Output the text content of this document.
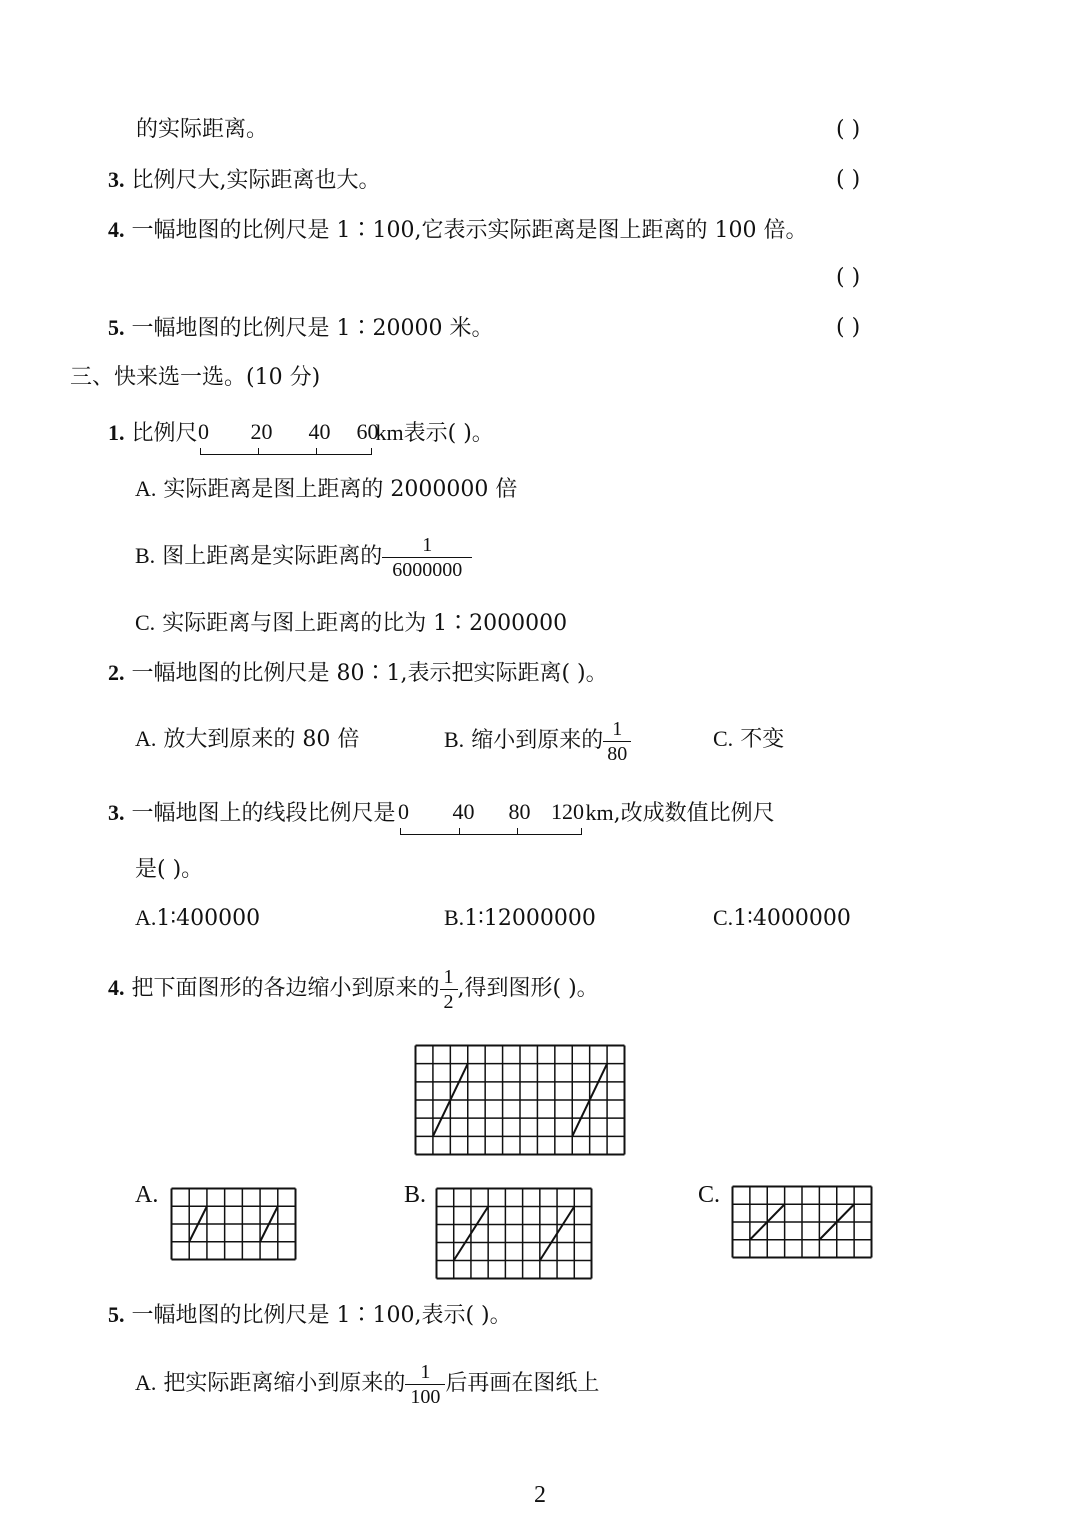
的实际距离。	( )
3. 比例尺大,实际距离也大。	( )
4. 一幅地图的比例尺是 1∶100,它表示实际距离是图上距离的 100 倍。
( )
5. 一幅地图的比例尺是 1∶20000 米。	( )
三、快来选一选。(10 分)
1. 比例尺 0 20 40 60
km表示( )。
A. 实际距离是图上距离的 2000000 倍
B. 图上距离是实际距离的 $\frac{1}{6000000}$
C. 实际距离与图上距离的比为 1∶2000000
2. 一幅地图的比例尺是 80∶1,表示把实际距离( )。
A. 放大到原来的 80 倍	B. 缩小到原来的 $\frac{1}{80}$	C. 不变
3. 一幅地图上的线段比例尺是 0 40 80 120 km,改成数值比例尺
是( )。
A.1∶400000	B.1∶12000000	C.1∶4000000
4. 把下面图形的各边缩小到原来的 $\frac{1}{2}$ ,得到图形( )。
A.	B.	C.
5. 一幅地图的比例尺是 1∶100,表示( )。
A. 把实际距离缩小到原来的 $\frac{1}{100}$ 后再画在图纸上
2
